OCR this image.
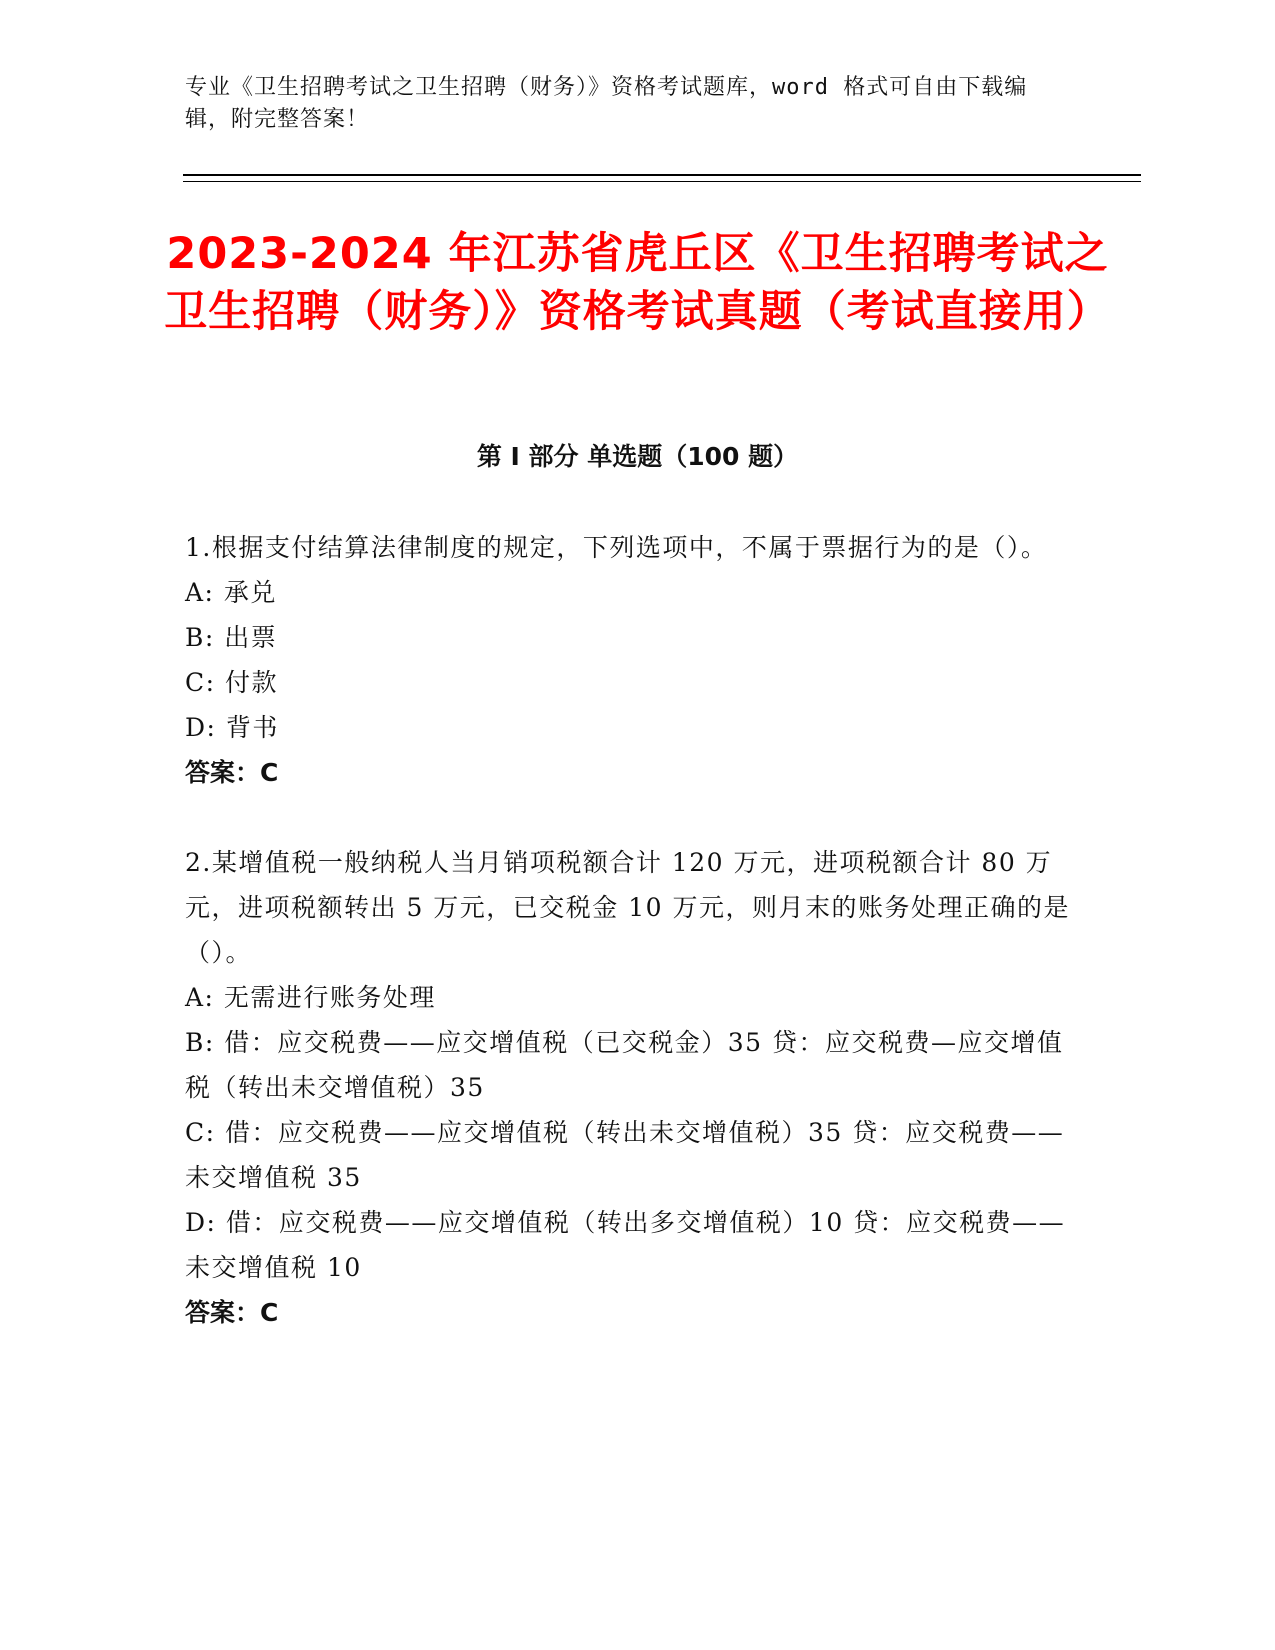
专业《卫生招聘考试之卫生招聘（财务）》资格考试题库，word 格式可自由下载编辑，附完整答案！
2023-2024 年江苏省虎丘区《卫生招聘考试之卫生招聘（财务）》资格考试真题（考试直接用）
第 I 部分 单选题（100 题）

1.根据支付结算法律制度的规定，下列选项中，不属于票据行为的是（）。

A: 承兑

B: 出票

C: 付款

D: 背书

答案：C

2.某增值税一般纳税人当月销项税额合计 120 万元，进项税额合计 80 万元，进项税额转出 5 万元，已交税金 10 万元，则月末的账务处理正确的是（）。

A: 无需进行账务处理

B: 借：应交税费——应交增值税（已交税金）35 贷：应交税费—应交增值税（转出未交增值税）35

C: 借：应交税费——应交增值税（转出未交增值税）35 贷：应交税费——未交增值税 35

D: 借：应交税费——应交增值税（转出多交增值税）10 贷：应交税费——未交增值税 10

答案：C
